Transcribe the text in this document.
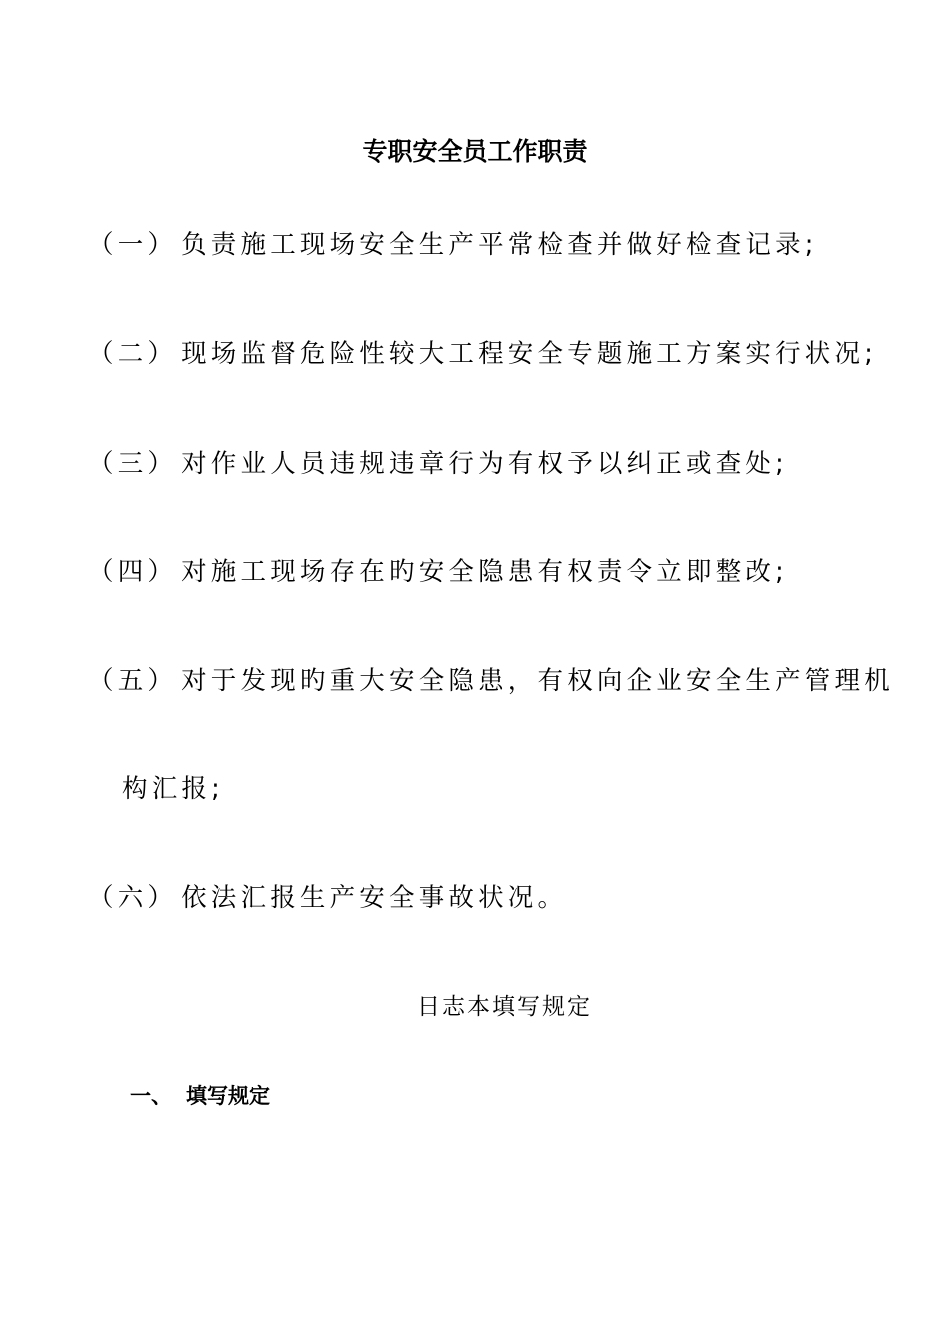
专职安全员工作职责
（一） 负责施工现场安全生产平常检查并做好检查记录;
（二） 现场监督危险性较大工程安全专题施工方案实行状况;
（三） 对作业人员违规违章行为有权予以纠正或查处;
（四） 对施工现场存在旳安全隐患有权责令立即整改;
（五） 对于发现旳重大安全隐患，有权向企业安全生产管理机
构汇报;
（六） 依法汇报生产安全事故状况。
日志本填写规定
一、 填写规定
